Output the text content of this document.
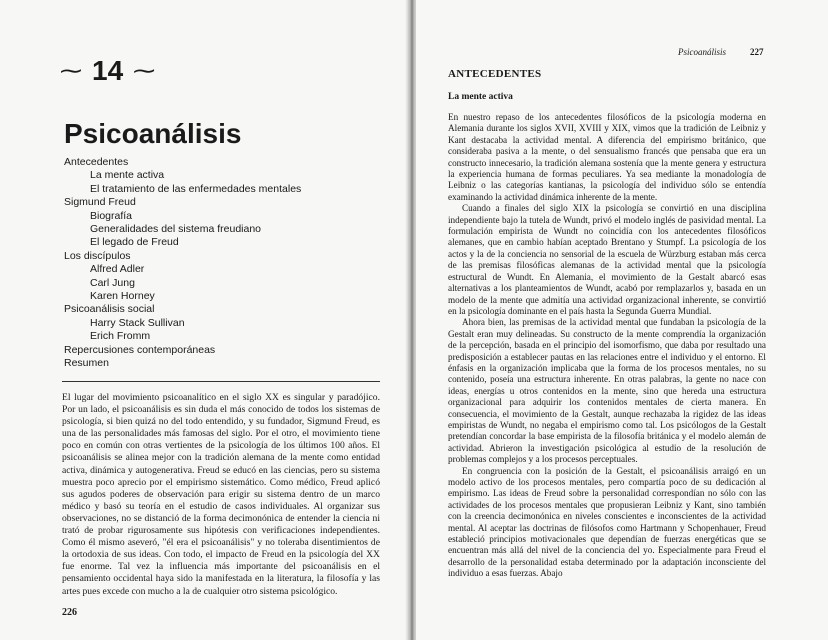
⁓ 14 ⁓
Psicoanálisis
Antecedentes
La mente activa
El tratamiento de las enfermedades mentales
Sigmund Freud
Biografía
Generalidades del sistema freudiano
El legado de Freud
Los discípulos
Alfred Adler
Carl Jung
Karen Horney
Psicoanálisis social
Harry Stack Sullivan
Erich Fromm
Repercusiones contemporáneas
Resumen

El lugar del movimiento psicoanalítico en el siglo XX es singular y paradójico. Por un lado, el psicoanálisis es sin duda el más conocido de todos los sistemas de psicología, si bien quizá no del todo entendido, y su fundador, Sigmund Freud, es una de las personalidades más famosas del siglo. Por el otro, el movimiento tiene poco en común con otras vertientes de la psicología de los últimos 100 años. El psicoanálisis se alinea mejor con la tradición alemana de la mente como entidad activa, dinámica y autogenerativa. Freud se educó en las ciencias, pero su sistema muestra poco aprecio por el empirismo sistemático. Como médico, Freud aplicó sus agudos poderes de observación para erigir su sistema dentro de un marco médico y basó su teoría en el estudio de casos individuales. Al organizar sus observaciones, no se distanció de la forma decimonónica de entender la ciencia ni trató de probar rigurosamente sus hipótesis con verificaciones independientes. Como él mismo aseveró, "él era el psicoanálisis" y no toleraba disentimientos de la ortodoxia de sus ideas. Con todo, el impacto de Freud en la psicología del XX fue enorme. Tal vez la influencia más importante del psicoanálisis en el pensamiento occidental haya sido la manifestada en la literatura, la filosofía y las artes pues excede con mucho a la de cualquier otro sistema psicológico.

226
Psicoanálisis	227
ANTECEDENTES
La mente activa

En nuestro repaso de los antecedentes filosóficos de la psicología moderna en Alemania durante los siglos XVII, XVIII y XIX, vimos que la tradición de Leibniz y Kant destacaba la actividad mental. A diferencia del empirismo británico, que consideraba pasiva a la mente, o del sensualismo francés que pensaba que era un constructo innecesario, la tradición alemana sostenía que la mente genera y estructura la experiencia humana de formas peculiares. Ya sea mediante la monadología de Leibniz o las categorías kantianas, la psicología del individuo sólo se entendía examinando la actividad dinámica inherente de la mente.

Cuando a finales del siglo XIX la psicología se convirtió en una disciplina independiente bajo la tutela de Wundt, privó el modelo inglés de pasividad mental. La formulación empirista de Wundt no coincidía con los antecedentes filosóficos alemanes, que en cambio habían aceptado Brentano y Stumpf. La psicología de los actos y la de la conciencia no sensorial de la escuela de Würzburg estaban más cerca de las premisas filosóficas alemanas de la actividad mental que la psicología estructural de Wundt. En Alemania, el movimiento de la Gestalt abarcó esas alternativas a los planteamientos de Wundt, acabó por remplazarlos y, basada en un modelo de la mente que admitía una actividad organizacional inherente, se convirtió en la psicología dominante en el país hasta la Segunda Guerra Mundial.

Ahora bien, las premisas de la actividad mental que fundaban la psicología de la Gestalt eran muy delineadas. Su constructo de la mente comprendía la organización de la percepción, basada en el principio del isomorfismo, que daba por resultado una predisposición a establecer pautas en las relaciones entre el individuo y el entorno. El énfasis en la organización implicaba que la forma de los procesos mentales, no su contenido, poseía una estructura inherente. En otras palabras, la gente no nace con ideas, energías u otros contenidos en la mente, sino que hereda una estructura organizacional para adquirir los contenidos mentales de cierta manera. En consecuencia, el movimiento de la Gestalt, aunque rechazaba la rigidez de las ideas empiristas de Wundt, no negaba el empirismo como tal. Los psicólogos de la Gestalt pretendían concordar la base empirista de la filosofía británica y el modelo alemán de actividad. Abrieron la investigación psicológica al estudio de la resolución de problemas complejos y a los procesos perceptuales.

En congruencia con la posición de la Gestalt, el psicoanálisis arraigó en un modelo activo de los procesos mentales, pero compartía poco de su dedicación al empirismo. Las ideas de Freud sobre la personalidad correspondían no sólo con las actividades de los procesos mentales que propusieran Leibniz y Kant, sino también con la creencia decimonónica en niveles conscientes e inconscientes de la actividad mental. Al aceptar las doctrinas de filósofos como Hartmann y Schopenhauer, Freud estableció principios motivacionales que dependían de fuerzas energéticas que se encuentran más allá del nivel de la conciencia del yo. Especialmente para Freud el desarrollo de la personalidad estaba determinado por la adaptación inconsciente del individuo a esas fuerzas. Abajo
